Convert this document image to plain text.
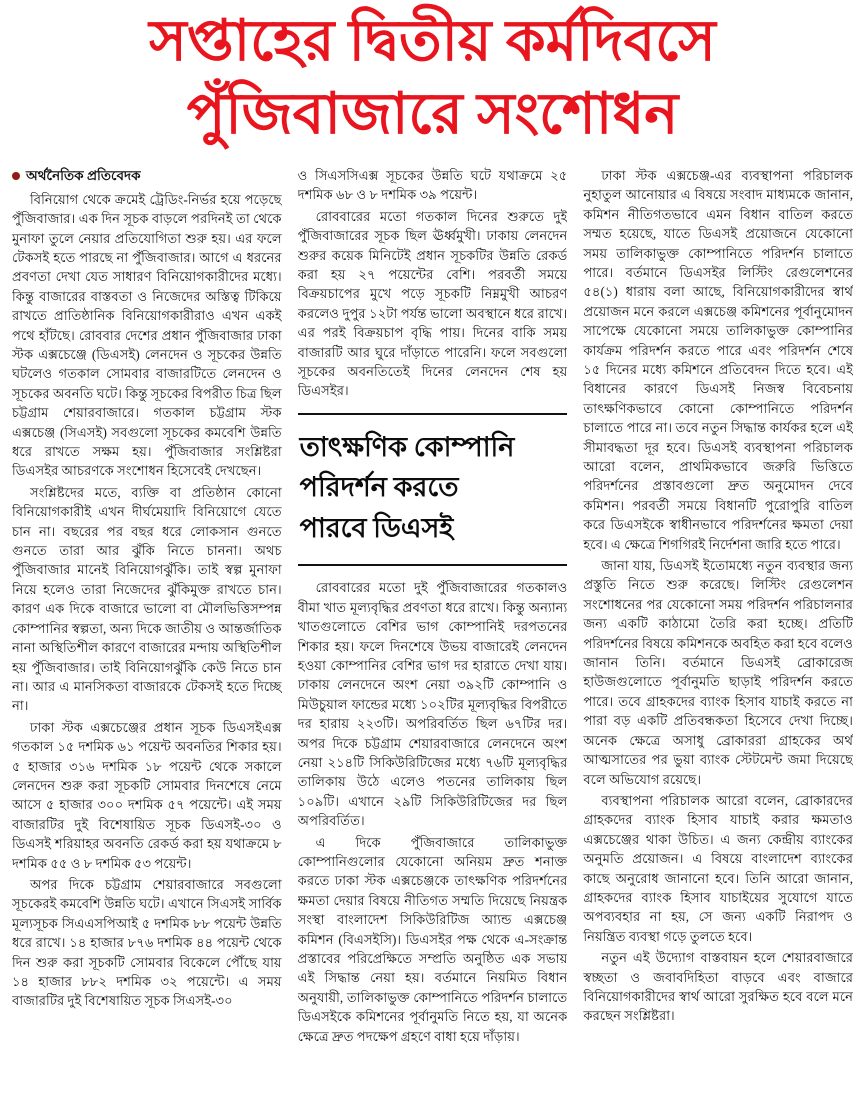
সপ্তাহের দ্বিতীয় কর্মদিবসে
পুঁজিবাজারে সংশোধন
অর্থনৈতিক প্রতিবেদক

বিনিয়োগ থেকে ক্রমেই ট্রেডিং-নির্ভর হয়ে পড়েছে পুঁজিবাজার। এক দিন সূচক বাড়লে পরদিনই তা থেকে মুনাফা তুলে নেয়ার প্রতিযোগিতা শুরু হয়। এর ফলে টেকসই হতে পারছে না পুঁজিবাজার। আগে এ ধরনের প্রবণতা দেখা যেত সাধারণ বিনিয়োগকারীদের মধ্যে। কিন্তু বাজারের বাস্তবতা ও নিজেদের অস্তিত্ব টিকিয়ে রাখতে প্রাতিষ্ঠানিক বিনিয়োগকারীরাও এখন একই পথে হাঁটছে। রোববার দেশের প্রধান পুঁজিবাজার ঢাকা স্টক এক্সচেঞ্জে (ডিএসই) লেনদেন ও সূচকের উন্নতি ঘটলেও গতকাল সোমবার বাজারটিতে লেনদেন ও সূচকের অবনতি ঘটে। কিন্তু সূচকের বিপরীত চিত্র ছিল চট্টগ্রাম শেয়ারবাজারে। গতকাল চট্টগ্রাম স্টক এক্সচেঞ্জ (সিএসই) সবগুলো সূচকের কমবেশি উন্নতি ধরে রাখতে সক্ষম হয়। পুঁজিবাজার সংশ্লিষ্টরা ডিএসইর আচরণকে সংশোধন হিসেবেই দেখছেন।

সংশ্লিষ্টদের মতে, ব্যক্তি বা প্রতিষ্ঠান কোনো বিনিয়োগকারীই এখন দীর্ঘমেয়াদি বিনিয়োগে যেতে চান না। বছরের পর বছর ধরে লোকসান গুনতে গুনতে তারা আর ঝুঁকি নিতে চাননা। অথচ পুঁজিবাজার মানেই বিনিয়োগঝুঁকি। তাই স্বল্প মুনাফা নিয়ে হলেও তারা নিজেদের ঝুঁকিমুক্ত রাখতে চান। কারণ এক দিকে বাজারে ভালো বা মৌলভিত্তিসম্পন্ন কোম্পানির স্বল্পতা, অন্য দিকে জাতীয় ও আন্তর্জাতিক নানা অস্থিতিশীল কারণে বাজারের মন্দায় অস্থিতিশীল হয় পুঁজিবাজার। তাই বিনিয়োগঝুঁকি কেউ নিতে চান না। আর এ মানসিকতা বাজারকে টেকসই হতে দিচ্ছে না।

ঢাকা স্টক এক্সচেঞ্জের প্রধান সূচক ডিএসইএক্স গতকাল ১৫ দশমিক ৬১ পয়েন্ট অবনতির শিকার হয়। ৫ হাজার ৩১৬ দশমিক ১৮ পয়েন্ট থেকে সকালে লেনদেন শুরু করা সূচকটি সোমবার দিনশেষে নেমে আসে ৫ হাজার ৩০০ দশমিক ৫৭ পয়েন্টে। এই সময় বাজারটির দুই বিশেষায়িত সূচক ডিএসই-৩০ ও ডিএসই শরিয়াহর অবনতি রেকর্ড করা হয় যথাক্রমে ৮ দশমিক ৫৫ ও ৮ দশমিক ৫৩ পয়েন্ট।

অপর দিকে চট্টগ্রাম শেয়ারবাজারে সবগুলো সূচকেরই কমবেশি উন্নতি ঘটে। এখানে সিএসই সার্বিক মূল্যসূচক সিএএসপিআই ৫ দশমিক ৮৮ পয়েন্ট উন্নতি ধরে রাখে। ১৪ হাজার ৮৭৬ দশমিক ৪৪ পয়েন্ট থেকে দিন শুরু করা সূচকটি সোমবার বিকেলে পৌঁছে যায় ১৪ হাজার ৮৮২ দশমিক ৩২ পয়েন্টে। এ সময় বাজারটির দুই বিশেষায়িত সূচক সিএসই-৩০

ও সিএসসিএক্স সূচকের উন্নতি ঘটে যথাক্রমে ২৫ দশমিক ৬৮ ও ৮ দশমিক ৩৯ পয়েন্ট।

রোববারের মতো গতকাল দিনের শুরুতে দুই পুঁজিবাজারের সূচক ছিল ঊর্ধ্বমুখী। ঢাকায় লেনদেন শুরুর কয়েক মিনিটেই প্রধান সূচকটির উন্নতি রেকর্ড করা হয় ২৭ পয়েন্টের বেশি। পরবর্তী সময়ে বিক্রয়চাপের মুখে পড়ে সূচকটি নিম্নমুখী আচরণ করলেও দুপুর ১২টা পর্যন্ত ভালো অবস্থানে ধরে রাখে। এর পরই বিক্রয়চাপ বৃদ্ধি পায়। দিনের বাকি সময় বাজারটি আর ঘুরে দাঁড়াতে পারেনি। ফলে সবগুলো সূচকের অবনতিতেই দিনের লেনদেন শেষ হয় ডিএসইর।

তাৎক্ষণিক কোম্পানি
পরিদর্শন করতে
পারবে ডিএসই

রোববারের মতো দুই পুঁজিবাজারের গতকালও বীমা খাত মূল্যবৃদ্ধির প্রবণতা ধরে রাখে। কিন্তু অন্যান্য খাতগুলোতে বেশির ভাগ কোম্পানিই দরপতনের শিকার হয়। ফলে দিনশেষে উভয় বাজারেই লেনদেন হওয়া কোম্পানির বেশির ভাগ দর হারাতে দেখা যায়। ঢাকায় লেনদেনে অংশ নেয়া ৩৯২টি কোম্পানি ও মিউচুয়াল ফান্ডের মধ্যে ১০২টির মূল্যবৃদ্ধির বিপরীতে দর হারায় ২২৩টি। অপরিবর্তিত ছিল ৬৭টির দর। অপর দিকে চট্টগ্রাম শেয়ারবাজারে লেনদেনে অংশ নেয়া ২১৪টি সিকিউরিটিজের মধ্যে ৭৬টি মূল্যবৃদ্ধির তালিকায় উঠে এলেও পতনের তালিকায় ছিল ১০৯টি। এখানে ২৯টি সিকিউরিটিজের দর ছিল অপরিবর্তিত।

এ দিকে পুঁজিবাজারে তালিকাভুক্ত কোম্পানিগুলোর যেকোনো অনিয়ম দ্রুত শনাক্ত করতে ঢাকা স্টক এক্সচেঞ্জকে তাৎক্ষণিক পরিদর্শনের ক্ষমতা দেয়ার বিষয়ে নীতিগত সম্মতি দিয়েছে নিয়ন্ত্রক সংস্থা বাংলাদেশ সিকিউরিটিজ আ্যন্ড এক্সচেঞ্জ কমিশন (বিএসইসি)। ডিএসইর পক্ষ থেকে এ-সংক্রান্ত প্রস্তাবের পরিপ্রেক্ষিতে সম্প্রতি অনুষ্ঠিত এক সভায় এই সিদ্ধান্ত নেয়া হয়। বর্তমানে নিয়মিত বিধান অনুযায়ী, তালিকাভুক্ত কোম্পানিতে পরিদর্শন চালাতে ডিএসইকে কমিশনের পূর্বানুমতি নিতে হয়, যা অনেক ক্ষেত্রে দ্রুত পদক্ষেপ গ্রহণে বাধা হয়ে দাঁড়ায়।

ঢাকা স্টক এক্সচেঞ্জ-এর ব্যবস্থাপনা পরিচালক নুহাতুল আনোয়ার এ বিষয়ে সংবাদ মাধ্যমকে জানান, কমিশন নীতিগতভাবে এমন বিধান বাতিল করতে সম্মত হয়েছে, যাতে ডিএসই প্রয়োজনে যেকোনো সময় তালিকাভুক্ত কোম্পানিতে পরিদর্শন চালাতে পারে। বর্তমানে ডিএসইর লিস্টিং রেগুলেশনের ৫৪(১) ধারায় বলা আছে, বিনিয়োগকারীদের স্বার্থ প্রয়োজন মনে করলে এক্সচেঞ্জ কমিশনের পূর্বানুমোদন সাপেক্ষে যেকোনো সময়ে তালিকাভুক্ত কোম্পানির কার্যক্রম পরিদর্শন করতে পারে এবং পরিদর্শন শেষে ১৫ দিনের মধ্যে কমিশনে প্রতিবেদন দিতে হবে। এই বিধানের কারণে ডিএসই নিজস্ব বিবেচনায় তাৎক্ষণিকভাবে কোনো কোম্পানিতে পরিদর্শন চালাতে পারে না। তবে নতুন সিদ্ধান্ত কার্যকর হলে এই সীমাবদ্ধতা দূর হবে। ডিএসই ব্যবস্থাপনা পরিচালক আরো বলেন, প্রাথমিকভাবে জরুরি ভিত্তিতে পরিদর্শনের প্রস্তাবগুলো দ্রুত অনুমোদন দেবে কমিশন। পরবর্তী সময়ে বিধানটি পুরোপুরি বাতিল করে ডিএসইকে স্বাধীনভাবে পরিদর্শনের ক্ষমতা দেয়া হবে। এ ক্ষেত্রে শিগগিরই নির্দেশনা জারি হতে পারে।

জানা যায়, ডিএসই ইতোমধ্যে নতুন ব্যবস্থার জন্য প্রস্তুতি নিতে শুরু করেছে। লিস্টিং রেগুলেশন সংশোধনের পর যেকোনো সময় পরিদর্শন পরিচালনার জন্য একটি কাঠামো তৈরি করা হচ্ছে। প্রতিটি পরিদর্শনের বিষয়ে কমিশনকে অবহিত করা হবে বলেও জানান তিনি। বর্তমানে ডিএসই ব্রোকারেজ হাউজগুলোতে পূর্বানুমতি ছাড়াই পরিদর্শন করতে পারে। তবে গ্রাহকদের ব্যাংক হিসাব যাচাই করতে না পারা বড় একটি প্রতিবন্ধকতা হিসেবে দেখা দিচ্ছে। অনেক ক্ষেত্রে অসাধু ব্রোকাররা গ্রাহকের অর্থ আত্মসাতের পর ভুয়া ব্যাংক স্টেটমেন্ট জমা দিয়েছে বলে অভিযোগ রয়েছে।

ব্যবস্থাপনা পরিচালক আরো বলেন, ব্রোকারদের গ্রাহকদের ব্যাংক হিসাব যাচাই করার ক্ষমতাও এক্সচেঞ্জের থাকা উচিত। এ জন্য কেন্দ্রীয় ব্যাংকের অনুমতি প্রয়োজন। এ বিষয়ে বাংলাদেশ ব্যাংকের কাছে অনুরোধ জানানো হবে। তিনি আরো জানান, গ্রাহকদের ব্যাংক হিসাব যাচাইয়ের সুযোগে যাতে অপব্যবহার না হয়, সে জন্য একটি নিরাপদ ও নিয়ন্ত্রিত ব্যবস্থা গড়ে তুলতে হবে।

নতুন এই উদ্যোগ বাস্তবায়ন হলে শেয়ারবাজারে স্বচ্ছতা ও জবাবদিহিতা বাড়বে এবং বাজারে বিনিয়োগকারীদের স্বার্থ আরো সুরক্ষিত হবে বলে মনে করছেন সংশ্লিষ্টরা।
